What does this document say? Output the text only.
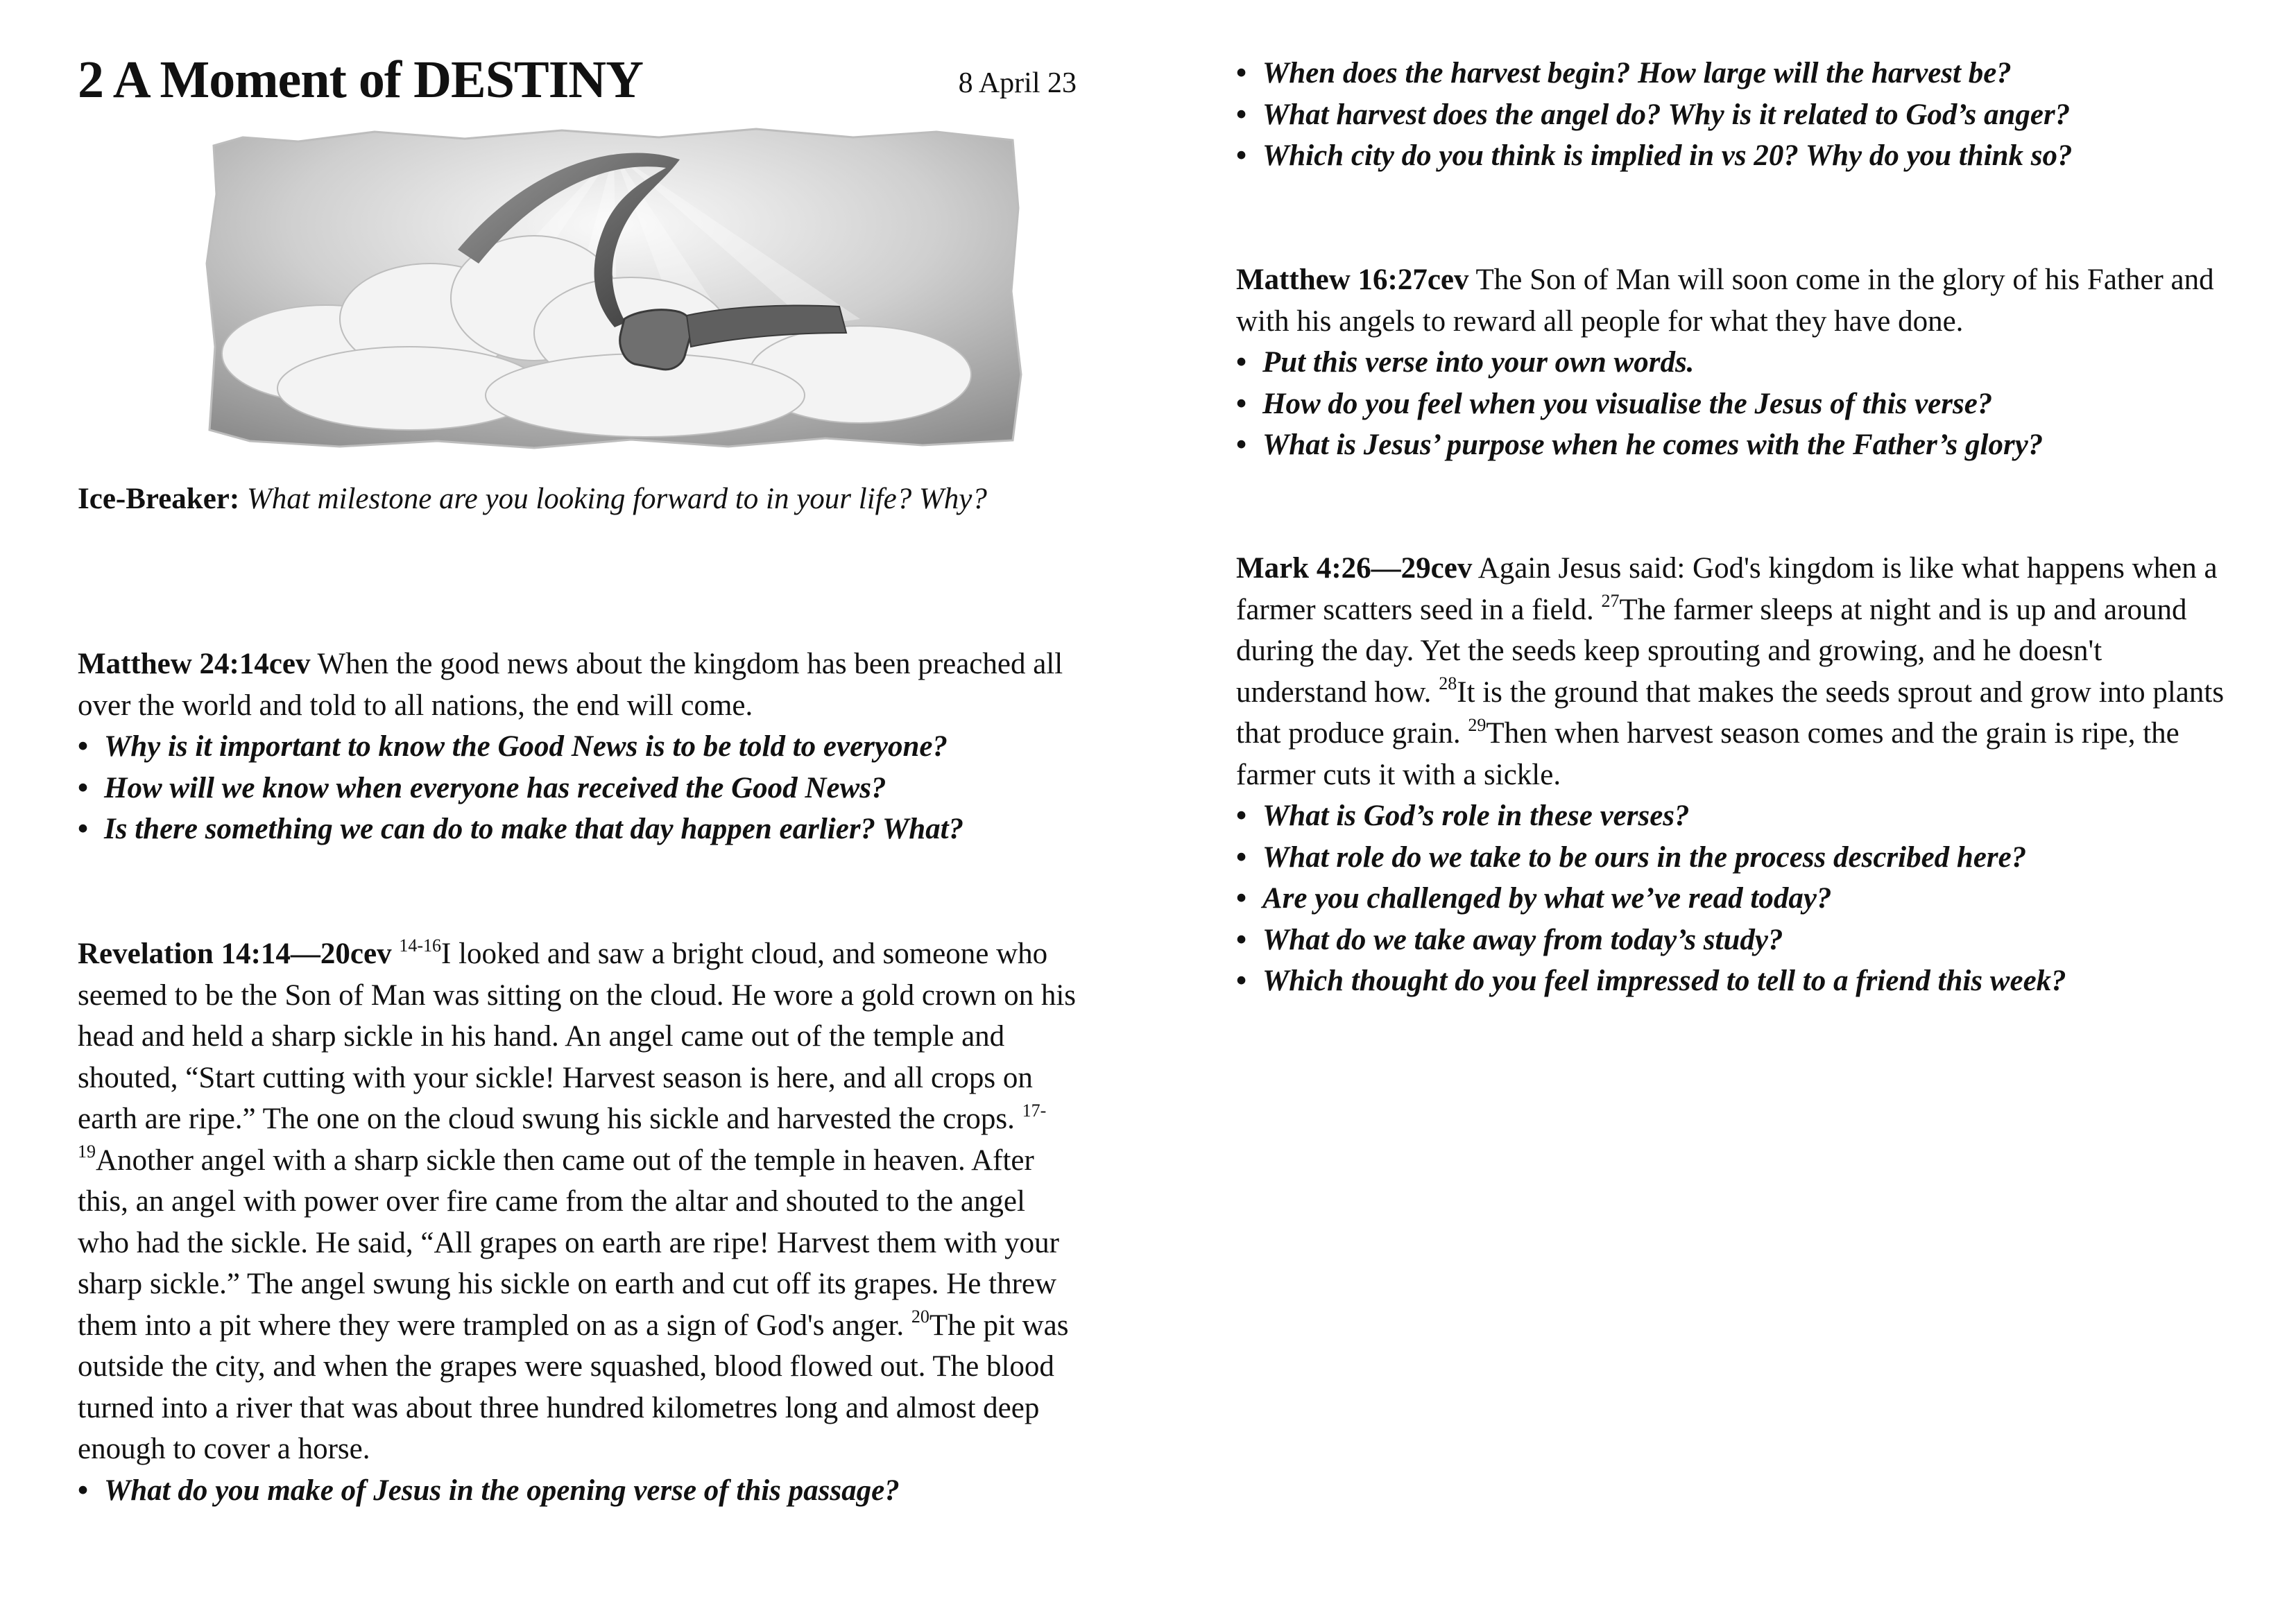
2 A Moment of DESTINY	8 April 23

Ice-Breaker: What milestone are you looking forward to in your life? Why?

Matthew 24:14cev When the good news about the kingdom has been preached all over the world and told to all nations, the end will come.

• Why is it important to know the Good News is to be told to everyone?
• How will we know when everyone has received the Good News?
• Is there something we can do to make that day happen earlier? What?

Revelation 14:14—20cev $^{14-16}$I looked and saw a bright cloud, and someone who seemed to be the Son of Man was sitting on the cloud. He wore a gold crown on his head and held a sharp sickle in his hand. An angel came out of the temple and shouted, “Start cutting with your sickle! Harvest season is here, and all crops on earth are ripe.” The one on the cloud swung his sickle and harvested the crops. $^{17-19}$Another angel with a sharp sickle then came out of the temple in heaven. After this, an angel with power over fire came from the altar and shouted to the angel who had the sickle. He said, “All grapes on earth are ripe! Harvest them with your sharp sickle.” The angel swung his sickle on earth and cut off its grapes. He threw them into a pit where they were trampled on as a sign of God's anger. $^{20}$The pit was outside the city, and when the grapes were squashed, blood flowed out. The blood turned into a river that was about three hundred kilometres long and almost deep enough to cover a horse.

• What do you make of Jesus in the opening verse of this passage?
• When does the harvest begin? How large will the harvest be?
• What harvest does the angel do? Why is it related to God’s anger?
• Which city do you think is implied in vs 20? Why do you think so?

Matthew 16:27cev The Son of Man will soon come in the glory of his Father and with his angels to reward all people for what they have done.

• Put this verse into your own words.
• How do you feel when you visualise the Jesus of this verse?
• What is Jesus’ purpose when he comes with the Father’s glory?

Mark 4:26—29cev Again Jesus said: God's kingdom is like what happens when a farmer scatters seed in a field. $^{27}$The farmer sleeps at night and is up and around during the day. Yet the seeds keep sprouting and growing, and he doesn't understand how. $^{28}$It is the ground that makes the seeds sprout and grow into plants that produce grain. $^{29}$Then when harvest season comes and the grain is ripe, the farmer cuts it with a sickle.

• What is God’s role in these verses?
• What role do we take to be ours in the process described here?
• Are you challenged by what we’ve read today?
• What do we take away from today’s study?
• Which thought do you feel impressed to tell to a friend this week?
